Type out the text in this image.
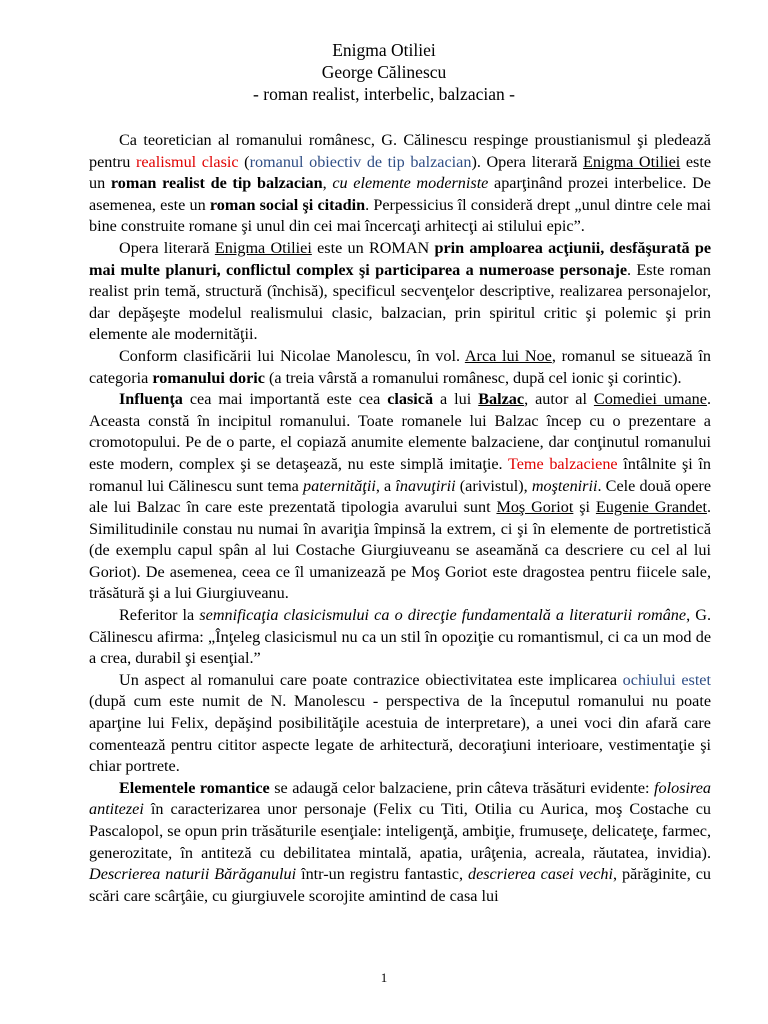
Enigma Otiliei

George Călinescu

- roman realist, interbelic, balzacian -

Ca teoretician al romanului românesc, G. Călinescu respinge proustianismul şi pledează pentru realismul clasic (romanul obiectiv de tip balzacian). Opera literară Enigma Otiliei este un roman realist de tip balzacian, cu elemente moderniste aparţinând prozei interbelice. De asemenea, este un roman social şi citadin. Perpessicius îl consideră drept „unul dintre cele mai bine construite romane şi unul din cei mai încercaţi arhitecţi ai stilului epic”.

Opera literară Enigma Otiliei este un ROMAN prin amploarea acţiunii, desfăşurată pe mai multe planuri, conflictul complex şi participarea a numeroase personaje. Este roman realist prin temă, structură (închisă), specificul secvenţelor descriptive, realizarea personajelor, dar depăşeşte modelul realismului clasic, balzacian, prin spiritul critic şi polemic şi prin elemente ale modernităţii.

Conform clasificării lui Nicolae Manolescu, în vol. Arca lui Noe, romanul se situează în categoria romanului doric (a treia vârstă a romanului românesc, după cel ionic şi corintic).

Influenţa cea mai importantă este cea clasică a lui Balzac, autor al Comediei umane. Aceasta constă în incipitul romanului. Toate romanele lui Balzac încep cu o prezentare a cromotopului. Pe de o parte, el copiază anumite elemente balzaciene, dar conţinutul romanului este modern, complex şi se detaşează, nu este simplă imitaţie. Teme balzaciene întâlnite şi în romanul lui Călinescu sunt tema paternităţii, a înavuţirii (arivistul), moştenirii. Cele două opere ale lui Balzac în care este prezentată tipologia avarului sunt Moş Goriot şi Eugenie Grandet. Similitudinile constau nu numai în avariţia împinsă la extrem, ci şi în elemente de portretistică (de exemplu capul spân al lui Costache Giurgiuveanu se aseamănă ca descriere cu cel al lui Goriot). De asemenea, ceea ce îl umanizează pe Moş Goriot este dragostea pentru fiicele sale, trăsătură şi a lui Giurgiuveanu.

Referitor la semnificaţia clasicismului ca o direcţie fundamentală a literaturii române, G. Călinescu afirma: „Înţeleg clasicismul nu ca un stil în opoziţie cu romantismul, ci ca un mod de a crea, durabil şi esenţial.”

Un aspect al romanului care poate contrazice obiectivitatea este implicarea ochiului estet (după cum este numit de N. Manolescu - perspectiva de la începutul romanului nu poate aparţine lui Felix, depăşind posibilităţile acestuia de interpretare), a unei voci din afară care comentează pentru cititor aspecte legate de arhitectură, decoraţiuni interioare, vestimentaţie şi chiar portrete.

Elementele romantice se adaugă celor balzaciene, prin câteva trăsături evidente: folosirea antitezei în caracterizarea unor personaje (Felix cu Titi, Otilia cu Aurica, moş Costache cu Pascalopol, se opun prin trăsăturile esenţiale: inteligenţă, ambiţie, frumuseţe, delicateţe, farmec, generozitate, în antiteză cu debilitatea mintală, apatia, urâţenia, acreala, răutatea, invidia). Descrierea naturii Bărăganului într-un registru fantastic, descrierea casei vechi, părăginite, cu scări care scârţâie, cu giurgiuvele scorojite amintind de casa lui

1
